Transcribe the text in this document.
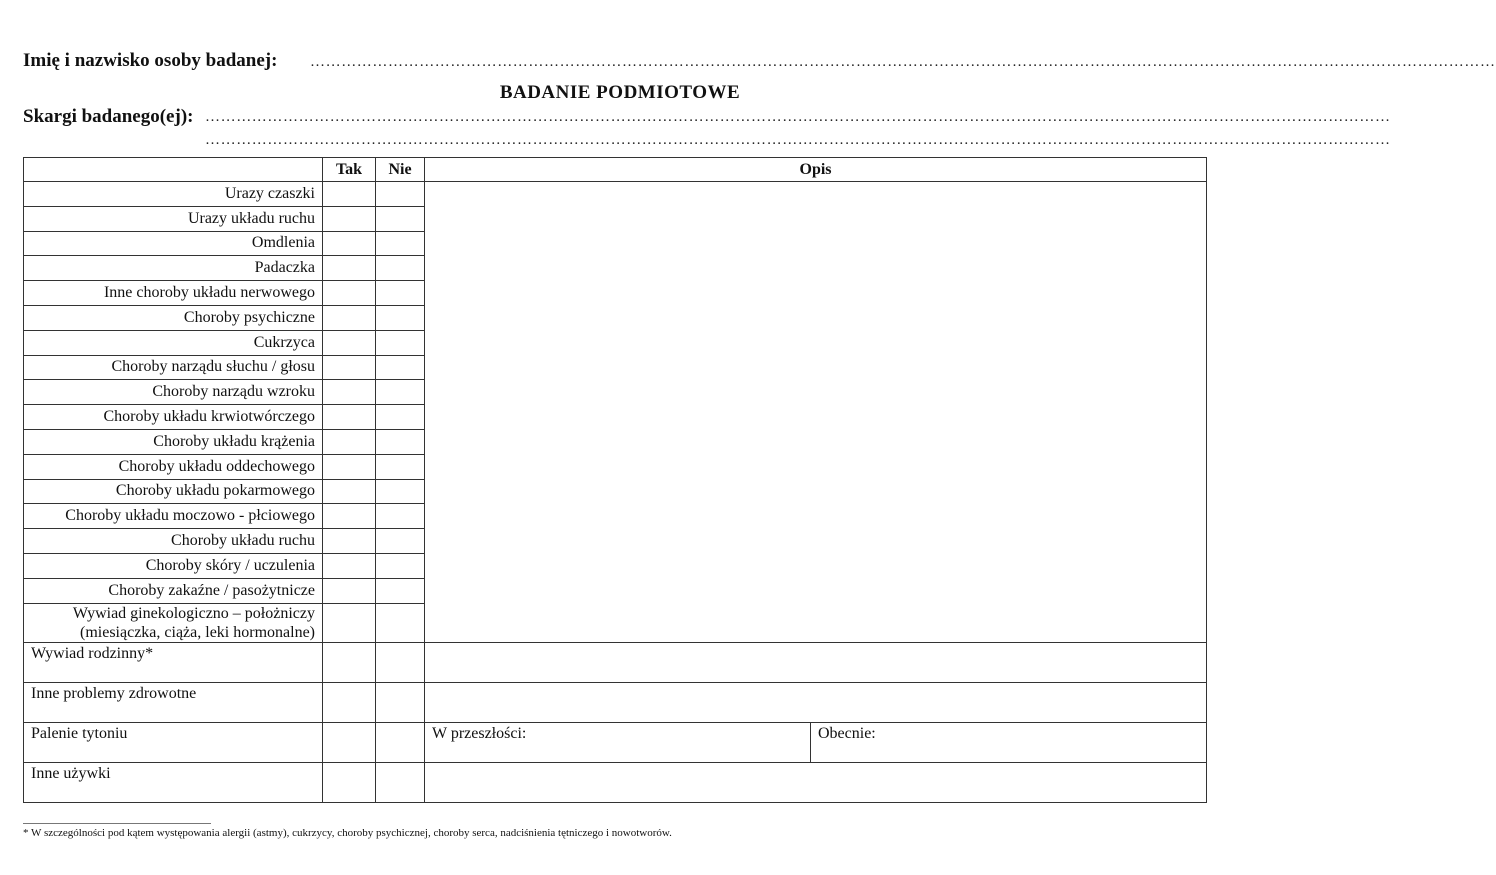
Imię i nazwisko osoby badanej: …………………………………………………………………………………………………………………………………………………………………………………………………………
BADANIE PODMIOTOWE
Skargi badanego(ej): …………………………………………………………………………………………………………………………………………………………………………………………………………
…………………………………………………………………………………………………………………………………………………………………………………………………………
	Tak	Nie	Opis	
Urazy czaszki				
Urazy układu ruchu				
Omdlenia				
Padaczka				
Inne choroby układu nerwowego				
Choroby psychiczne				
Cukrzyca				
Choroby narządu słuchu / głosu				
Choroby narządu wzroku				
Choroby układu krwiotwórczego				
Choroby układu krążenia				
Choroby układu oddechowego				
Choroby układu pokarmowego				
Choroby układu moczowo - płciowego				
Choroby układu ruchu				
Choroby skóry / uczulenia				
Choroby zakaźne / pasożytnicze				

Wywiad ginekologiczno – położniczy
(miesiączka, ciąża, leki hormonalne)				

Wywiad rodzinny*				
Inne problemy zdrowotne				
Palenie tytoniu			W przeszłości:	Obecnie:
Inne używki				
* W szczególności pod kątem występowania alergii (astmy), cukrzycy, choroby psychicznej, choroby serca, nadciśnienia tętniczego i nowotworów.
